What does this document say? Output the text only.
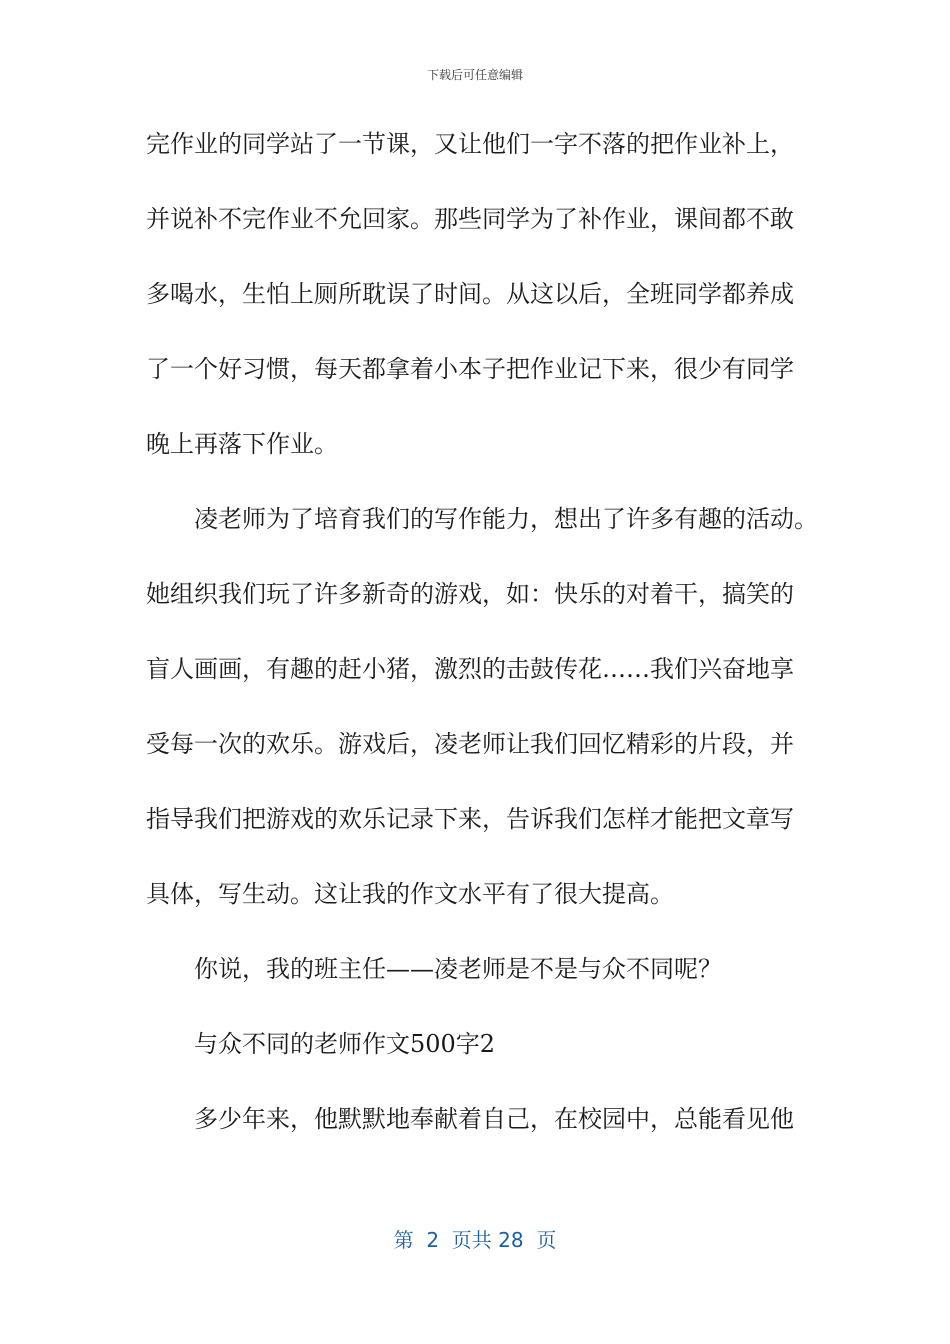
下载后可任意编辑
完作业的同学站了一节课，又让他们一字不落的把作业补上，
并说补不完作业不允回家。那些同学为了补作业，课间都不敢
多喝水，生怕上厕所耽误了时间。从这以后，全班同学都养成
了一个好习惯，每天都拿着小本子把作业记下来，很少有同学
晚上再落下作业。
凌老师为了培育我们的写作能力，想出了许多有趣的活动。
她组织我们玩了许多新奇的游戏，如：快乐的对着干，搞笑的
盲人画画，有趣的赶小猪，激烈的击鼓传花……我们兴奋地享
受每一次的欢乐。游戏后，凌老师让我们回忆精彩的片段，并
指导我们把游戏的欢乐记录下来，告诉我们怎样才能把文章写
具体，写生动。这让我的作文水平有了很大提高。
你说，我的班主任——凌老师是不是与众不同呢？
与众不同的老师作文500字2
多少年来，他默默地奉献着自己，在校园中，总能看见他
第  2  页共 28  页
